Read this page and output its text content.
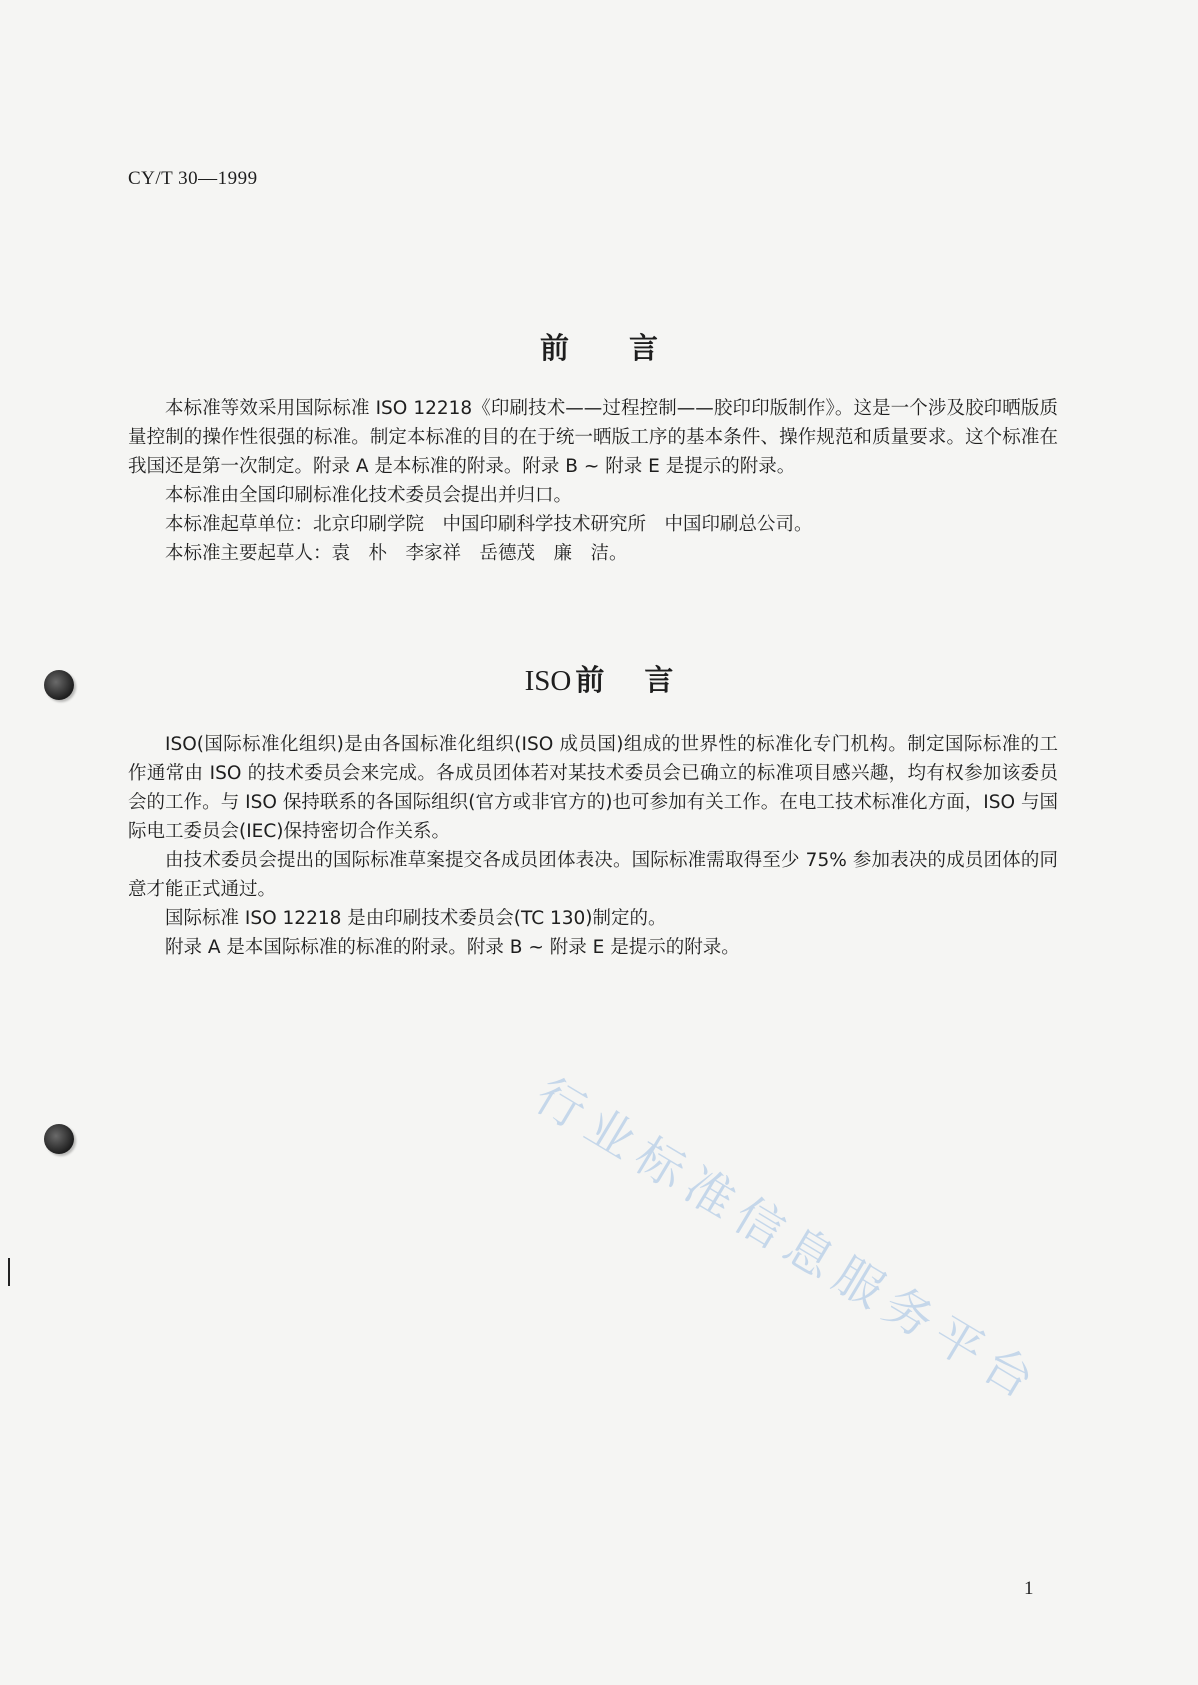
CY/T 30—1999
前言

本标准等效采用国际标准 ISO 12218《印刷技术——过程控制——胶印印版制作》。这是一个涉及胶印晒版质量控制的操作性很强的标准。制定本标准的目的在于统一晒版工序的基本条件、操作规范和质量要求。这个标准在我国还是第一次制定。附录 A 是本标准的附录。附录 B ~ 附录 E 是提示的附录。

本标准由全国印刷标准化技术委员会提出并归口。

本标准起草单位：北京印刷学院　中国印刷科学技术研究所　中国印刷总公司。

本标准主要起草人：袁　朴　李家祥　岳德茂　廉　洁。

ISO 前言

ISO(国际标准化组织)是由各国标准化组织(ISO 成员国)组成的世界性的标准化专门机构。制定国际标准的工作通常由 ISO 的技术委员会来完成。各成员团体若对某技术委员会已确立的标准项目感兴趣，均有权参加该委员会的工作。与 ISO 保持联系的各国际组织(官方或非官方的)也可参加有关工作。在电工技术标准化方面，ISO 与国际电工委员会(IEC)保持密切合作关系。

由技术委员会提出的国际标准草案提交各成员团体表决。国际标准需取得至少 75% 参加表决的成员团体的同意才能正式通过。

国际标准 ISO 12218 是由印刷技术委员会(TC 130)制定的。

附录 A 是本国际标准的标准的附录。附录 B ~ 附录 E 是提示的附录。

行业标准信息服务平台
1
